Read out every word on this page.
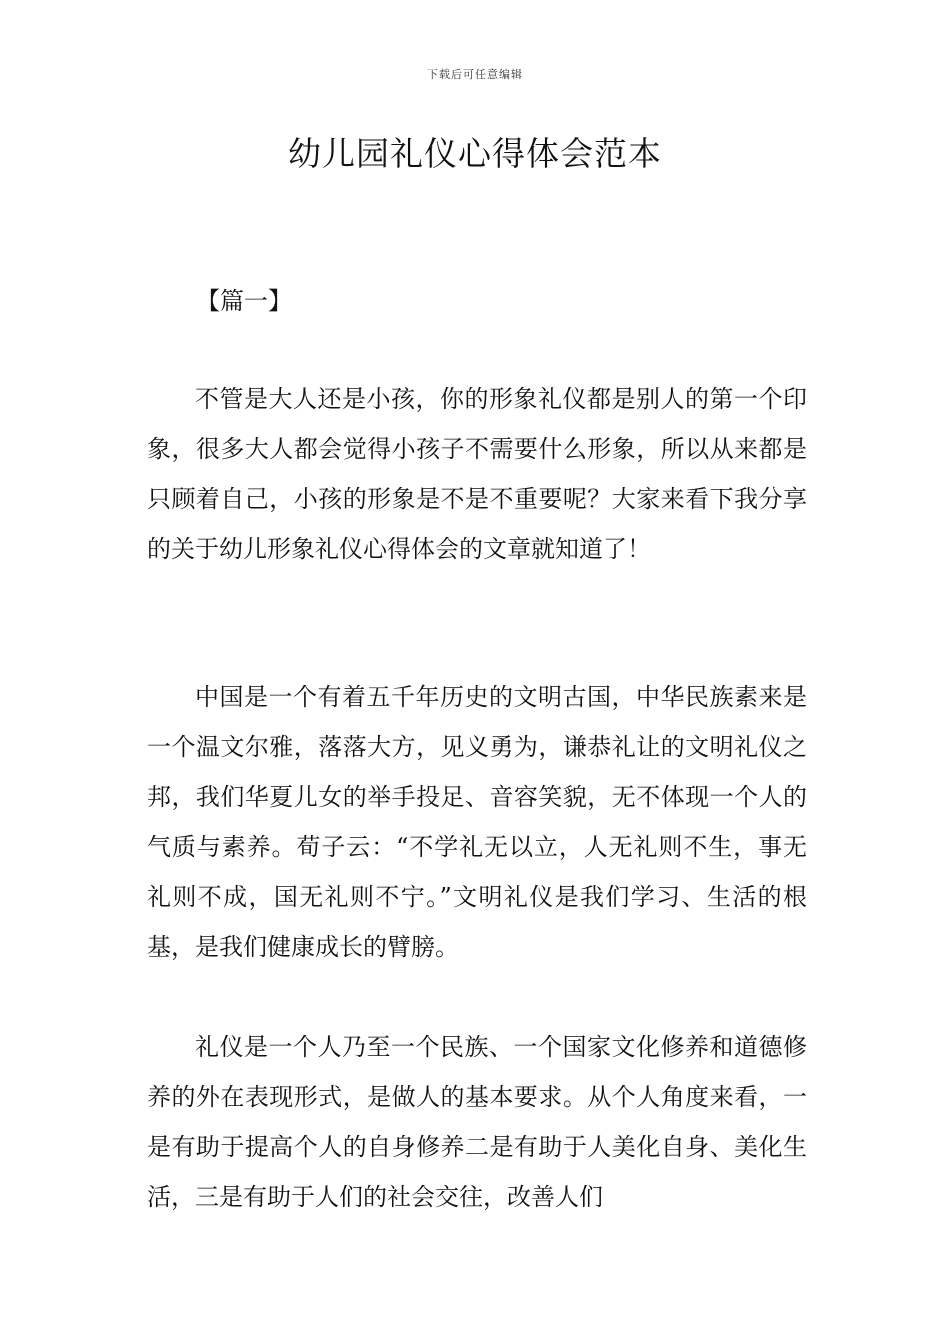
下载后可任意编辑
幼儿园礼仪心得体会范本
【篇一】

不管是大人还是小孩，你的形象礼仪都是别人的第一个印象，很多大人都会觉得小孩子不需要什么形象，所以从来都是只顾着自己，小孩的形象是不是不重要呢？大家来看下我分享的关于幼儿形象礼仪心得体会的文章就知道了！

中国是一个有着五千年历史的文明古国，中华民族素来是一个温文尔雅，落落大方，见义勇为，谦恭礼让的文明礼仪之邦，我们华夏儿女的举手投足、音容笑貌，无不体现一个人的气质与素养。荀子云：“不学礼无以立，人无礼则不生，事无礼则不成，国无礼则不宁。”文明礼仪是我们学习、生活的根基，是我们健康成长的臂膀。

礼仪是一个人乃至一个民族、一个国家文化修养和道德修养的外在表现形式，是做人的基本要求。从个人角度来看，一是有助于提高个人的自身修养二是有助于人美化自身、美化生活，三是有助于人们的社会交往，改善人们
